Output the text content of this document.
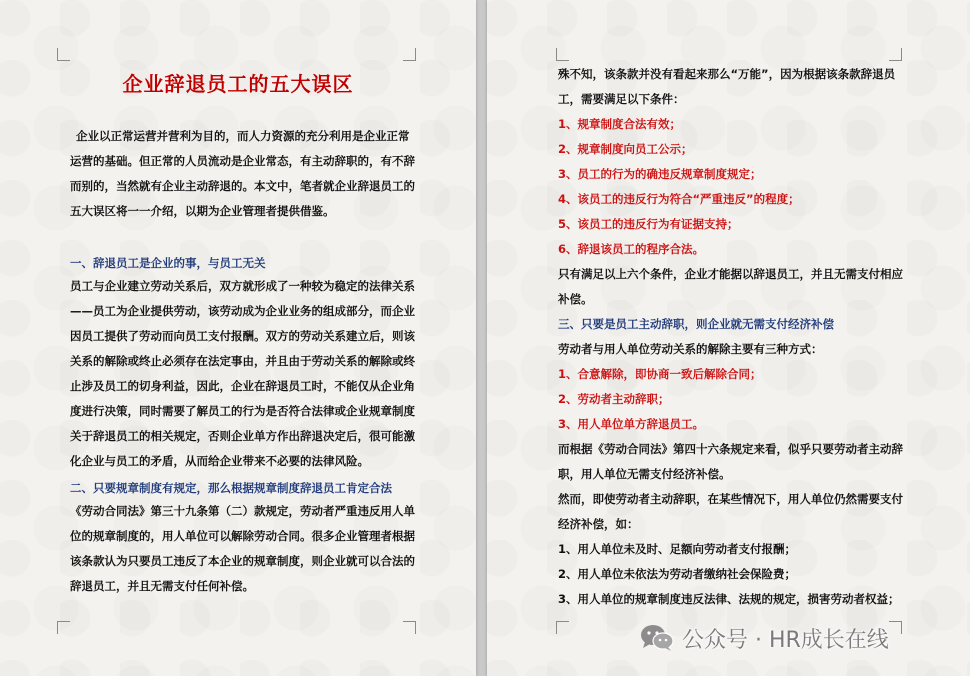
企业辞退员工的五大误区
企业以正常运营并营利为目的，而人力资源的充分利用是企业正常
运营的基础。但正常的人员流动是企业常态，有主动辞职的，有不辞
而别的，当然就有企业主动辞退的。本文中，笔者就企业辞退员工的
五大误区将一一介绍，以期为企业管理者提供借鉴。
一、辞退员工是企业的事，与员工无关
员工与企业建立劳动关系后，双方就形成了一种较为稳定的法律关系
——员工为企业提供劳动，该劳动成为企业业务的组成部分，而企业
因员工提供了劳动而向员工支付报酬。双方的劳动关系建立后，则该
关系的解除或终止必须存在法定事由，并且由于劳动关系的解除或终
止涉及员工的切身利益，因此，企业在辞退员工时，不能仅从企业角
度进行决策，同时需要了解员工的行为是否符合法律或企业规章制度
关于辞退员工的相关规定，否则企业单方作出辞退决定后，很可能激
化企业与员工的矛盾，从而给企业带来不必要的法律风险。
二、只要规章制度有规定，那么根据规章制度辞退员工肯定合法
《劳动合同法》第三十九条第（二）款规定，劳动者严重违反用人单
位的规章制度的，用人单位可以解除劳动合同。很多企业管理者根据
该条款认为只要员工违反了本企业的规章制度，则企业就可以合法的
辞退员工，并且无需支付任何补偿。
殊不知，该条款并没有看起来那么“万能”，因为根据该条款辞退员
工，需要满足以下条件：
1、规章制度合法有效；
2、规章制度向员工公示；
3、员工的行为的确违反规章制度规定；
4、该员工的违反行为符合“严重违反”的程度；
5、该员工的违反行为有证据支持；
6、辞退该员工的程序合法。
只有满足以上六个条件，企业才能据以辞退员工，并且无需支付相应
补偿。
三、只要是员工主动辞职，则企业就无需支付经济补偿
劳动者与用人单位劳动关系的解除主要有三种方式：
1、合意解除，即协商一致后解除合同；
2、劳动者主动辞职；
3、用人单位单方辞退员工。
而根据《劳动合同法》第四十六条规定来看，似乎只要劳动者主动辞
职，用人单位无需支付经济补偿。
然而，即使劳动者主动辞职，在某些情况下，用人单位仍然需要支付
经济补偿，如：
1、用人单位未及时、足额向劳动者支付报酬；
2、用人单位未依法为劳动者缴纳社会保险费；
3、用人单位的规章制度违反法律、法规的规定，损害劳动者权益；
公众号 · HR成长在线
